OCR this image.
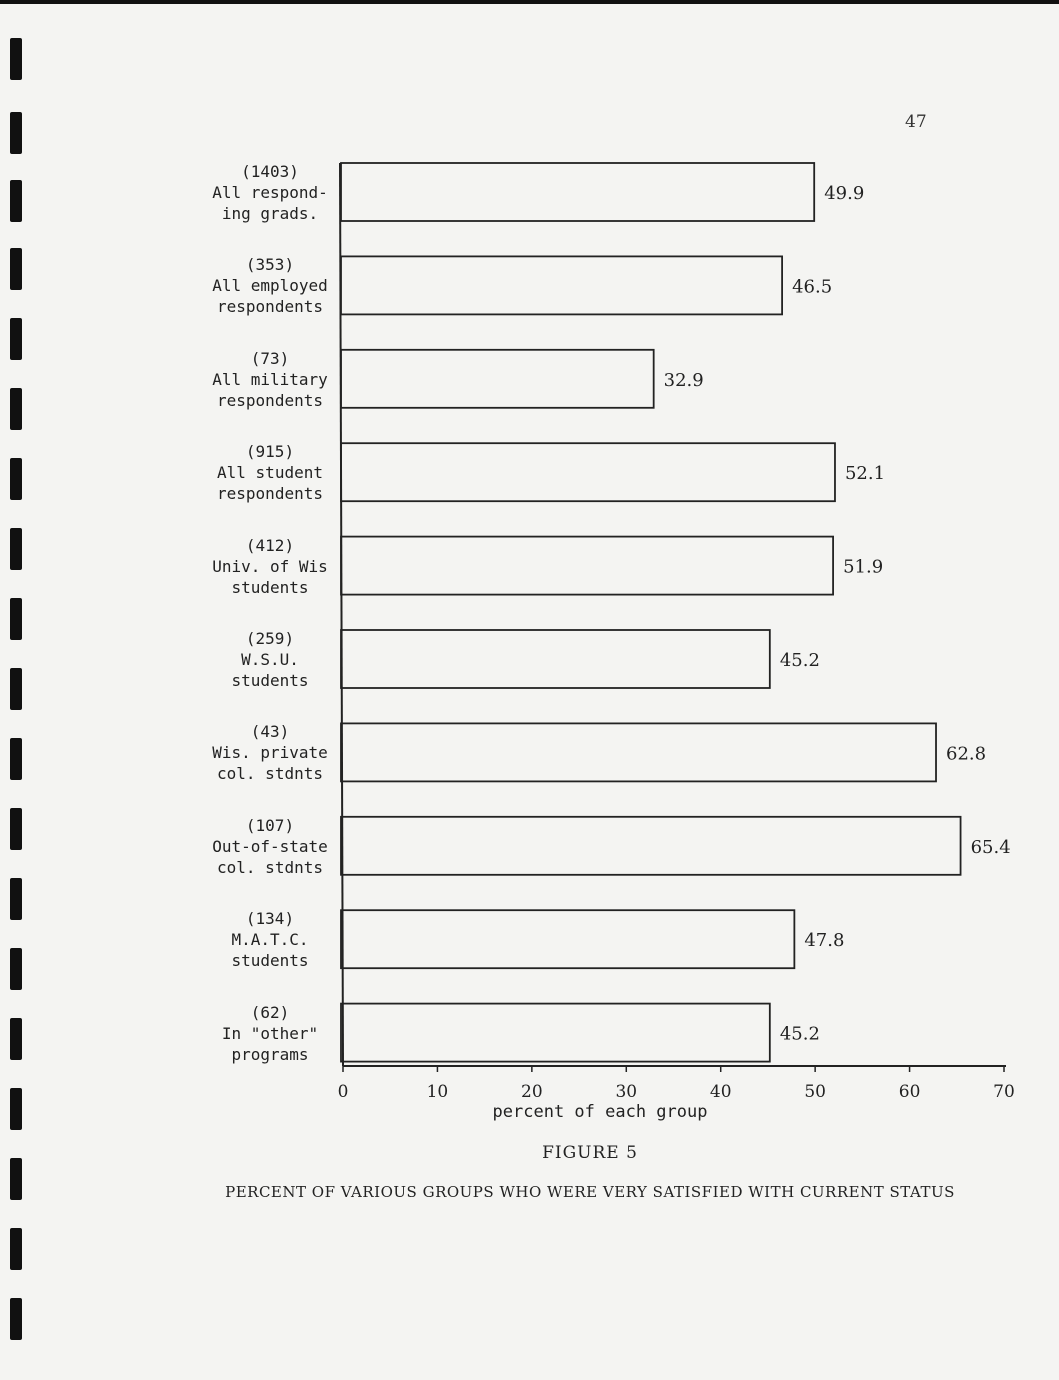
47
0	10	20	30	40	50	60	70
49.9
46.5
32.9
52.1
51.9
45.2
62.8
65.4
47.8
45.2
(1403)
All respond-
ing grads.
(353)
All employed
respondents
(73)
All military
respondents
(915)
All student
respondents
(412)
Univ. of Wis
students
(259)
W.S.U.
students
(43)
Wis. private
col. stdnts
(107)
Out-of-state
col. stdnts
(134)
M.A.T.C.
students
(62)
In "other"
programs
percent of each group
FIGURE 5
PERCENT OF VARIOUS GROUPS WHO WERE VERY SATISFIED WITH CURRENT STATUS
